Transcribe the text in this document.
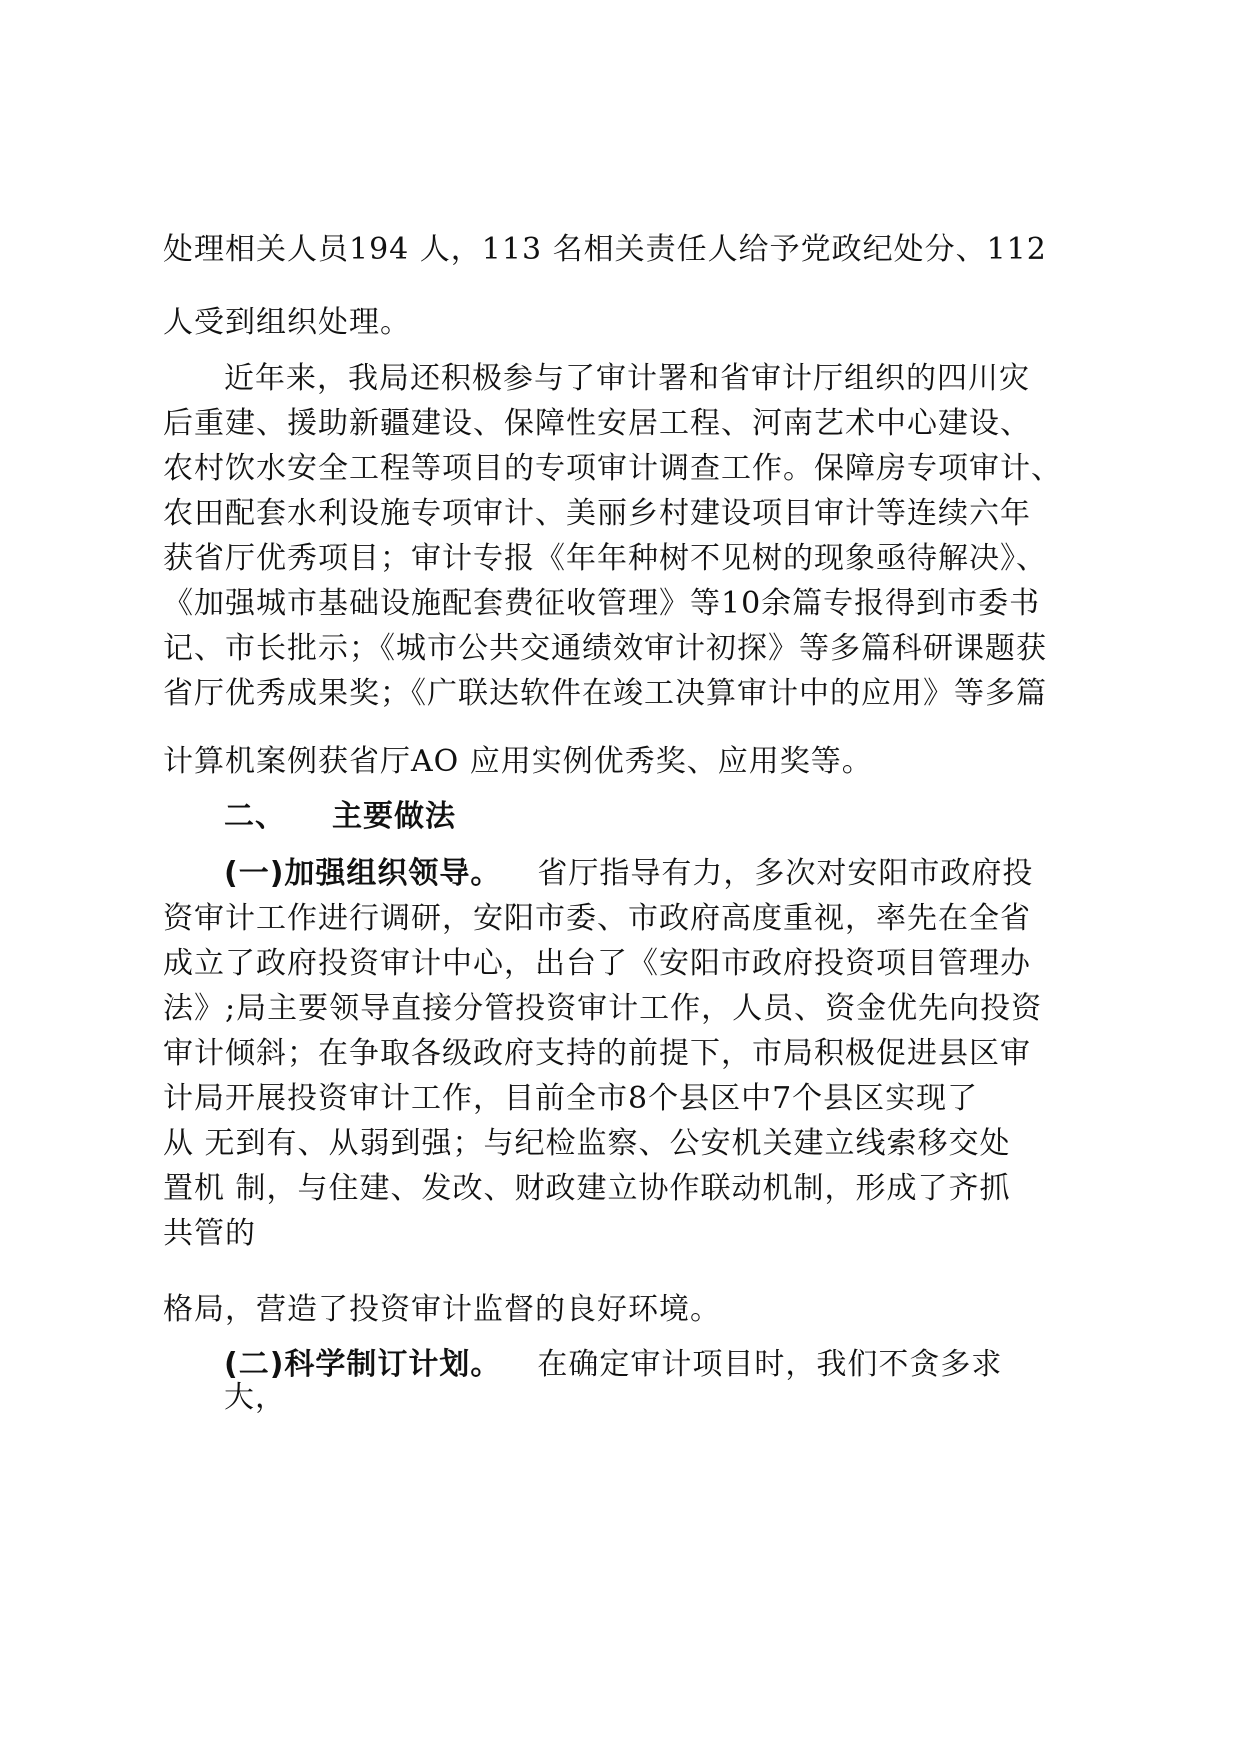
处理相关人员194 人，113 名相关责任人给予党政纪处分、112
人受到组织处理。
近年来，我局还积极参与了审计署和省审计厅组织的四川灾
后重建、援助新疆建设、保障性安居工程、河南艺术中心建设、
农村饮水安全工程等项目的专项审计调查工作。保障房专项审计、
农田配套水利设施专项审计、美丽乡村建设项目审计等连续六年
获省厅优秀项目；审计专报《年年种树不见树的现象亟待解决》、
《加强城市基础设施配套费征收管理》等10余篇专报得到市委书
记、市长批示；《城市公共交通绩效审计初探》等多篇科研课题获
省厅优秀成果奖；《广联达软件在竣工决算审计中的应用》等多篇
计算机案例获省厅AO 应用实例优秀奖、应用奖等。
二、 主要做法
(一)加强组织领导。 省厅指导有力，多次对安阳市政府投
资审计工作进行调研，安阳市委、市政府高度重视，率先在全省
成立了政府投资审计中心，出台了《安阳市政府投资项目管理办
法》;局主要领导直接分管投资审计工作，人员、资金优先向投资
审计倾斜；在争取各级政府支持的前提下，市局积极促进县区审
计局开展投资审计工作，目前全市8个县区中7个县区实现了
从 无到有、从弱到强；与纪检监察、公安机关建立线索移交处
置机 制，与住建、发改、财政建立协作联动机制，形成了齐抓
共管的
格局，营造了投资审计监督的良好环境。
(二)科学制订计划。 在确定审计项目时，我们不贪多求
大，
